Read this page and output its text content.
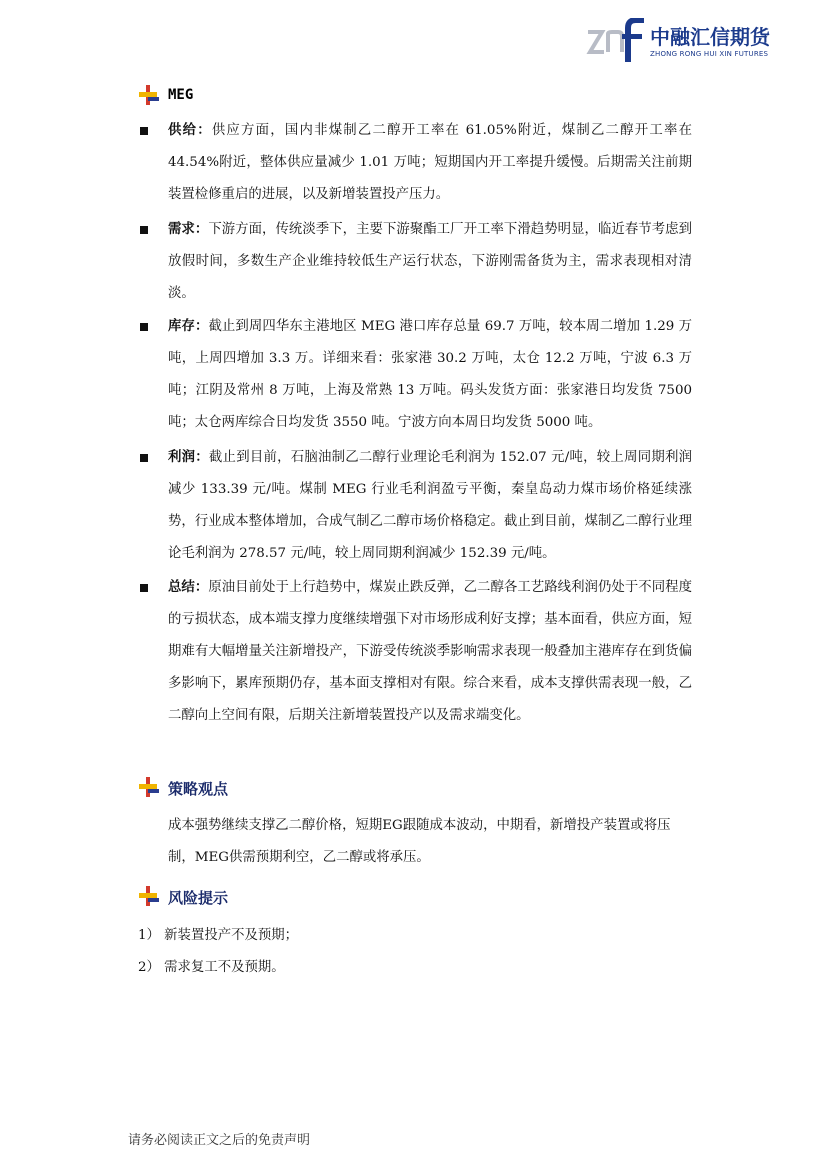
中融汇信期货
ZHONG RONG HUI XIN FUTURES
MEG
供给：供应方面，国内非煤制乙二醇开工率在 61.05%附近，煤制乙二醇开工率在 44.54%附近，整体供应量减少 1.01 万吨；短期国内开工率提升缓慢。后期需关注前期装置检修重启的进展，以及新增装置投产压力。
需求：下游方面，传统淡季下，主要下游聚酯工厂开工率下滑趋势明显，临近春节考虑到放假时间，多数生产企业维持较低生产运行状态，下游刚需备货为主，需求表现相对清淡。
库存：截止到周四华东主港地区 MEG 港口库存总量 69.7 万吨，较本周二增加 1.29 万吨，上周四增加 3.3 万。详细来看：张家港 30.2 万吨，太仓 12.2 万吨，宁波 6.3 万吨；江阴及常州 8 万吨，上海及常熟 13 万吨。码头发货方面：张家港日均发货 7500 吨；太仓两库综合日均发货 3550 吨。宁波方向本周日均发货 5000 吨。
利润：截止到目前，石脑油制乙二醇行业理论毛利润为 152.07 元/吨，较上周同期利润减少 133.39 元/吨。煤制 MEG 行业毛利润盈亏平衡，秦皇岛动力煤市场价格延续涨势，行业成本整体增加，合成气制乙二醇市场价格稳定。截止到目前，煤制乙二醇行业理论毛利润为 278.57 元/吨，较上周同期利润减少 152.39 元/吨。
总结：原油目前处于上行趋势中，煤炭止跌反弹，乙二醇各工艺路线利润仍处于不同程度的亏损状态，成本端支撑力度继续增强下对市场形成利好支撑；基本面看，供应方面，短期难有大幅增量关注新增投产，下游受传统淡季影响需求表现一般叠加主港库存在到货偏多影响下，累库预期仍存，基本面支撑相对有限。综合来看，成本支撑供需表现一般，乙二醇向上空间有限，后期关注新增装置投产以及需求端变化。
策略观点
成本强势继续支撑乙二醇价格，短期EG跟随成本波动，中期看，新增投产装置或将压制，MEG供需预期利空，乙二醇或将承压。
风险提示
1） 新装置投产不及预期；
2） 需求复工不及预期。
请务必阅读正文之后的免责声明
